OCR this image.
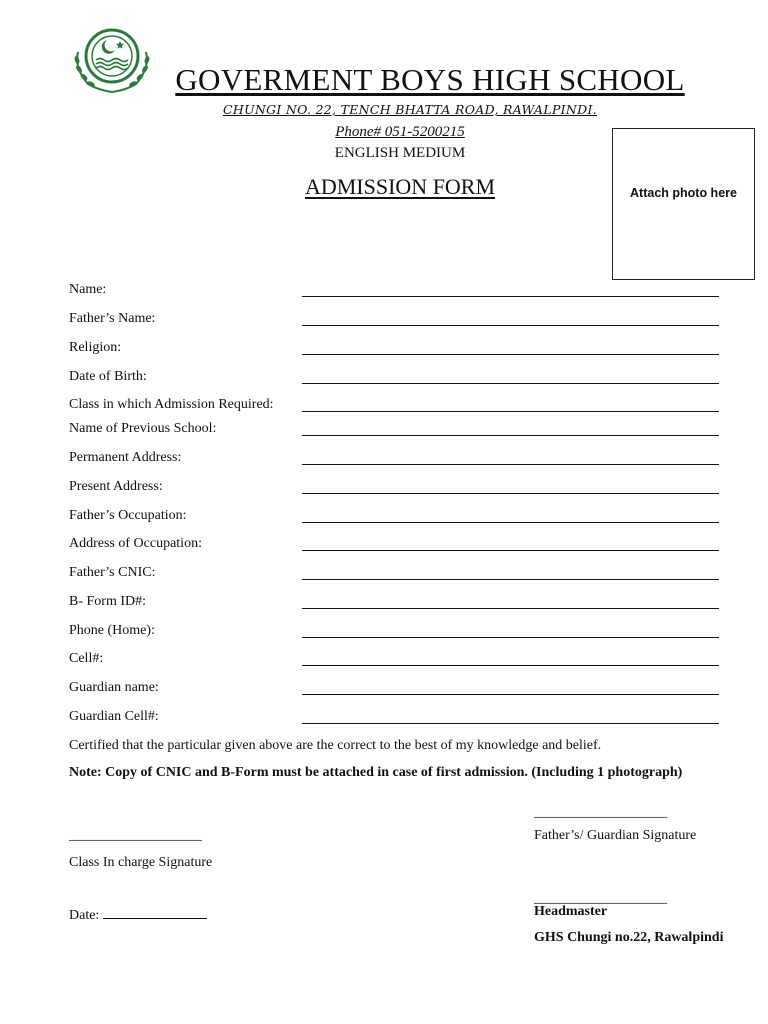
GOVERMENT BOYS HIGH SCHOOL
CHUNGI NO. 22, TENCH BHATTA ROAD, RAWALPINDI.
Phone# 051-5200215
ENGLISH MEDIUM
ADMISSION FORM	Attach photo here
Name:
Father’s Name:
Religion:
Date of Birth:
Class in which Admission Required:
Name of Previous School:
Permanent Address:
Present Address:
Father’s Occupation:
Address of Occupation:
Father’s CNIC:
B- Form ID#:
Phone (Home):
Cell#:
Guardian name:
Guardian Cell#:
Certified that the particular given above are the correct to the best of my knowledge and belief.
Note: Copy of CNIC and B-Form must be attached in case of first admission. (Including 1 photograph)
___________________
Father’s/ Guardian Signature
___________________
Class In charge Signature
___________________
Date:	Headmaster
GHS Chungi no.22, Rawalpindi
